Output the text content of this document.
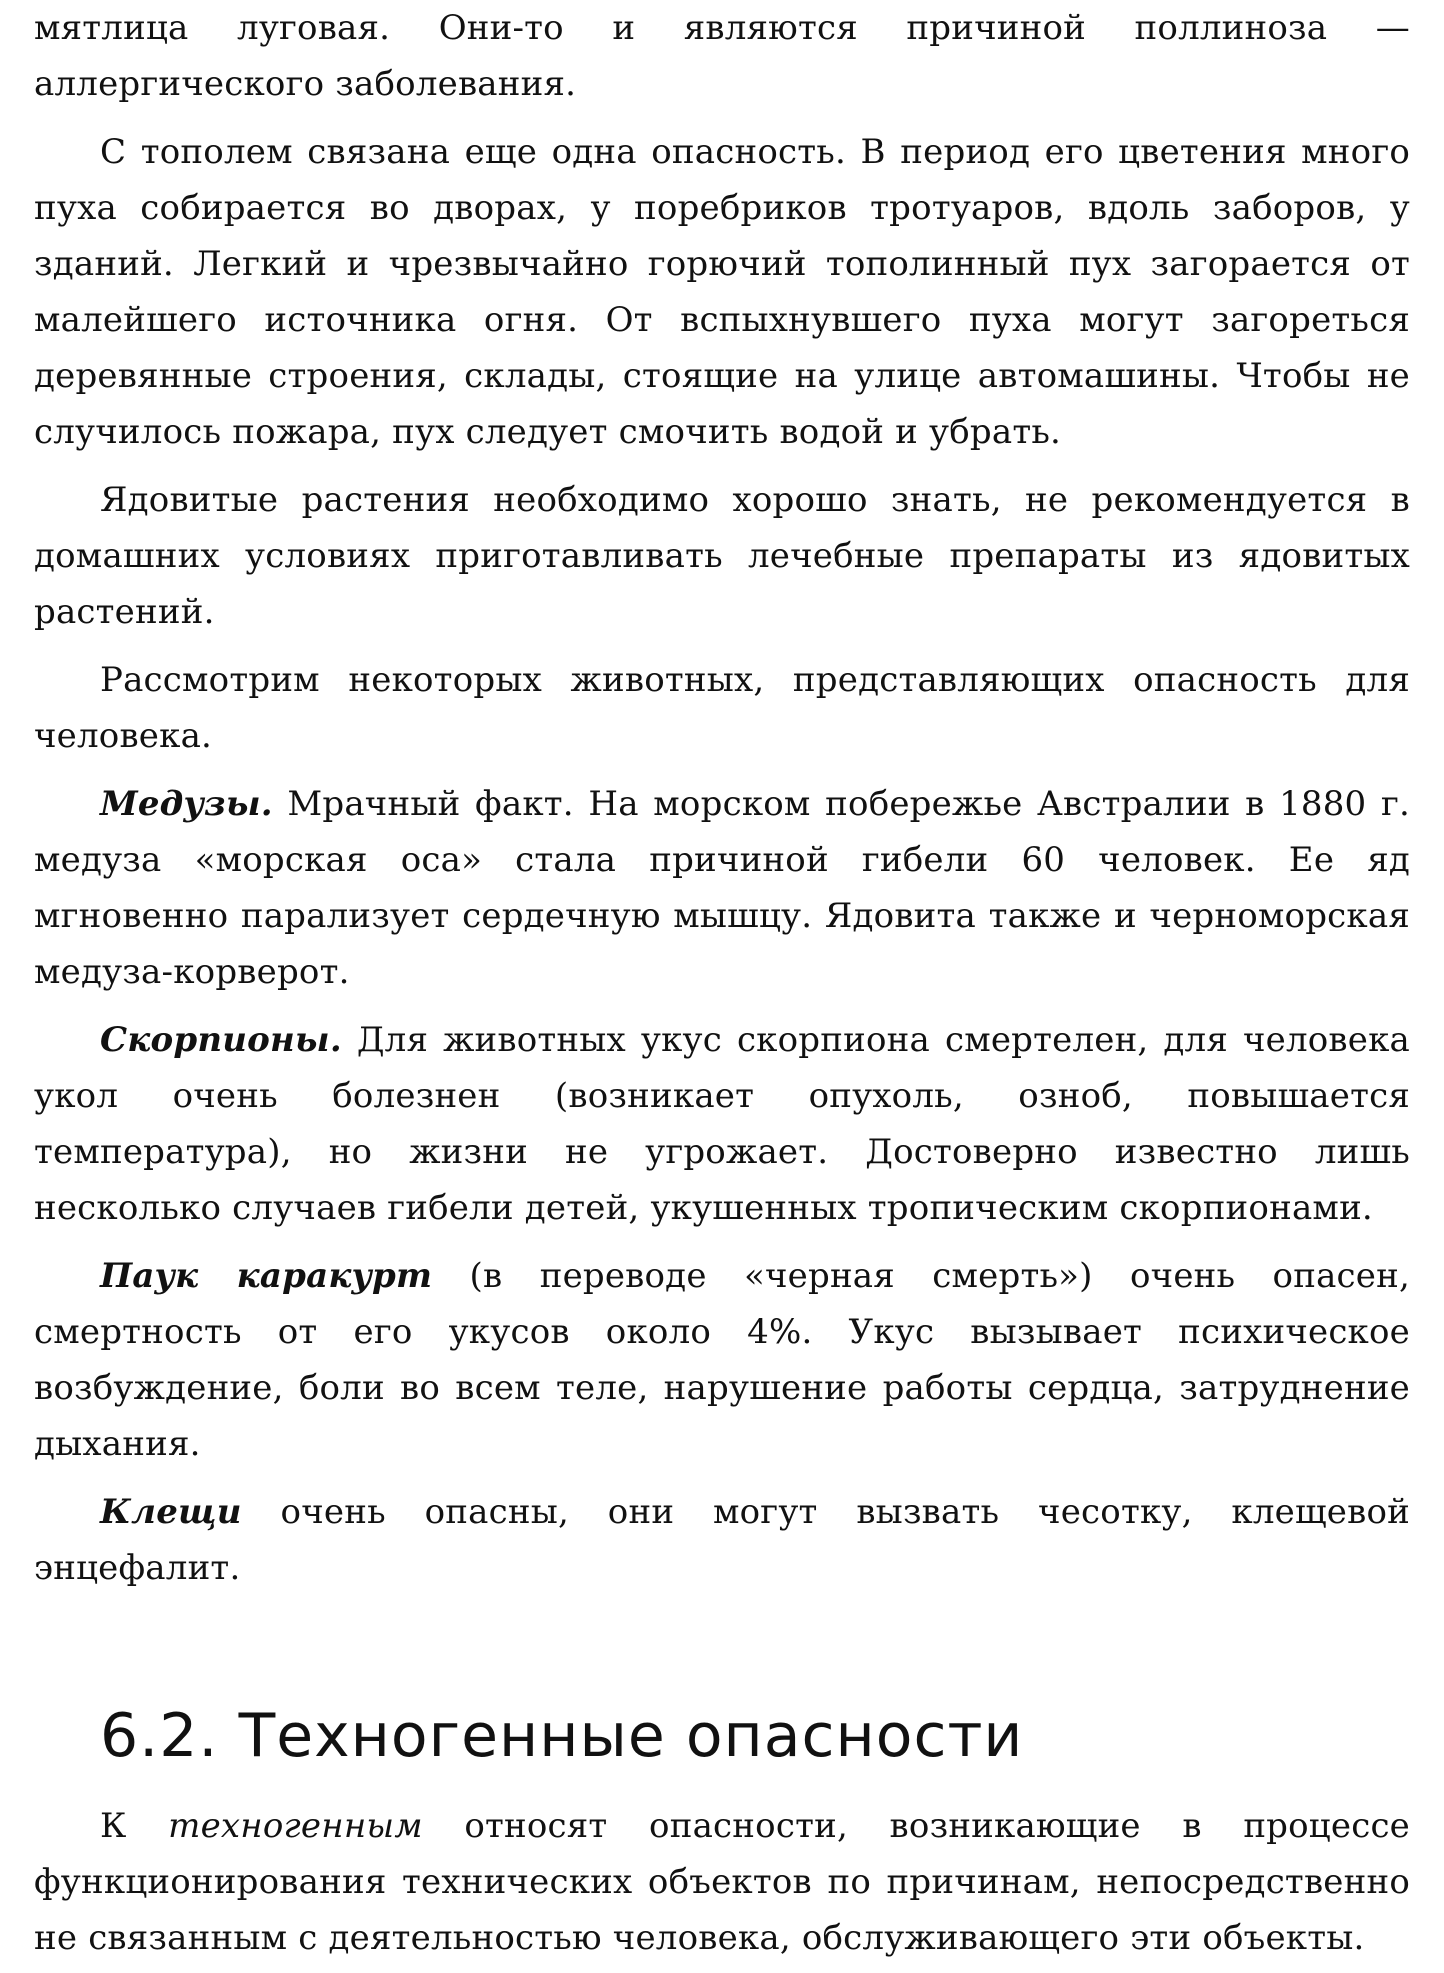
мятлица луговая. Они-то и являются причиной поллиноза — аллергического заболевания.

С тополем связана еще одна опасность. В период его цветения много пуха собирается во дворах, у поребриков тротуаров, вдоль заборов, у зданий. Легкий и чрезвычайно горючий тополинный пух загорается от малейшего источника огня. От вспыхнувшего пуха могут загореться деревянные строения, склады, стоящие на улице автомашины. Чтобы не случилось пожара, пух следует смочить водой и убрать.

Ядовитые растения необходимо хорошо знать, не рекомендуется в домашних условиях приготавливать лечебные препараты из ядовитых растений.

Рассмотрим некоторых животных, представляющих опасность для человека.

Медузы. Мрачный факт. На морском побережье Австралии в 1880 г. медуза «морская оса» стала причиной гибели 60 человек. Ее яд мгновенно парализует сердечную мышцу. Ядовита также и черноморская медуза-корверот.

Скорпионы. Для животных укус скорпиона смертелен, для человека укол очень болезнен (возникает опухоль, озноб, повышается температура), но жизни не угрожает. Достоверно известно лишь несколько случаев гибели детей, укушенных тропическим скорпионами.

Паук каракурт (в переводе «черная смерть») очень опасен, смертность от его укусов около 4%. Укус вызывает психическое возбуждение, боли во всем теле, нарушение работы сердца, затруднение дыхания.

Клещи очень опасны, они могут вызвать чесотку, клещевой энцефалит.

6.2. Техногенные опасности

К техногенным относят опасности, возникающие в процессе функционирования технических объектов по причинам, непосредственно не связанным с деятельностью человека, обслуживающего эти объекты.
